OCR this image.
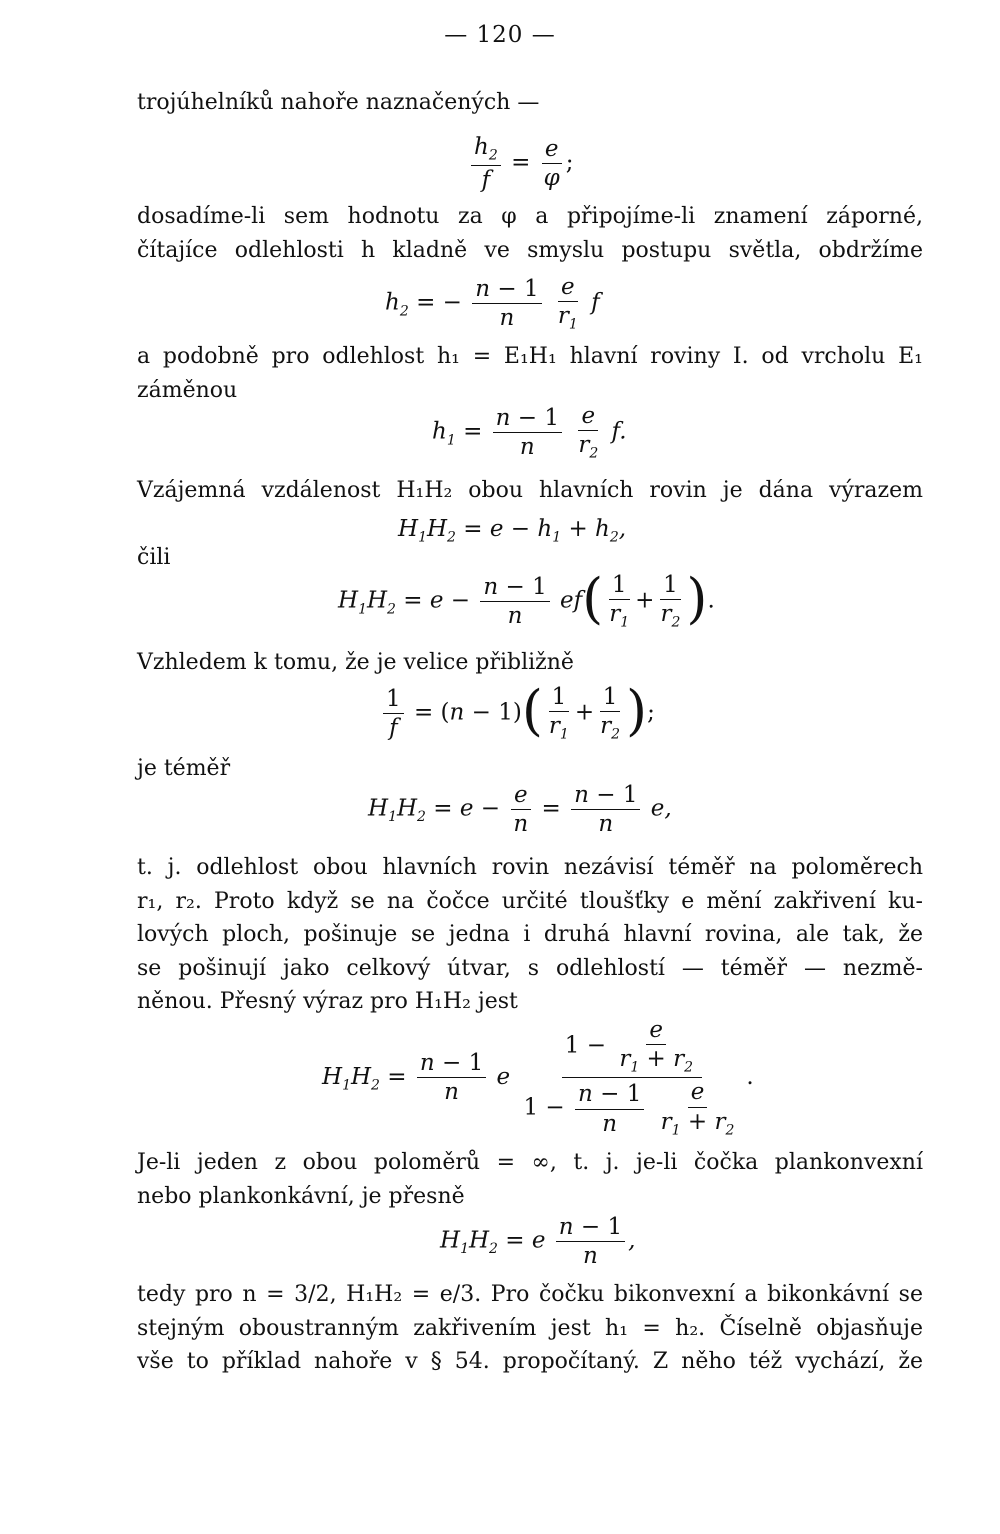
— 120 —
trojúhelníků nahoře naznačených —
$\frac{h_2}{f} = \frac{e}{\varphi}$ ;
dosadíme-li sem hodnotu za φ a připojíme-li znamení záporné,
čítajíce odlehlosti h kladně ve smyslu postupu světla, obdržíme
$h_2$ = − $\frac{n - 1}{n}$
$\frac{e}{r_1}$ f
a podobně pro odlehlost h₁ = E₁H₁ hlavní roviny I. od vrcholu E₁
záměnou
$h_1 = \frac{n - 1}{n}$
$\frac{e}{r_2} f$.
Vzájemná vzdálenost H₁H₂ obou hlavních rovin je dána výrazem
$H_1H_2 = e - h_1 + h_2$,
čili
$H_1H_2 = e - \frac{n - 1}{n} ef( \frac{1}{r_1} + \frac{1}{r_2}$ ).
Vzhledem k tomu, že je velice přibližně
$\frac{1}{f} = (n - 1)( \frac{1}{r_1} + \frac{1}{r_2}$ );
je téměř
$H_1H_2 = e - \frac{e}{n} = \frac{n - 1}{n} e$,
t. j. odlehlost obou hlavních rovin nezávisí téměř na poloměrech
r₁, r₂. Proto když se na čočce určité tloušťky e mění zakřivení ku-
lových ploch, pošinuje se jedna i druhá hlavní rovina, ale tak, že
se pošinují jako celkový útvar, s odlehlostí — téměř — nezmě-
něnou. Přesný výraz pro H₁H₂ jest
$H_1H_2 = \frac{n - 1}{n}$ e $1 - \frac{e}{r_1 + r_2}$
$1 - \frac{n - 1}{n}$
$\frac{e}{r_1 + r_2}$ .
Je-li jeden z obou poloměrů = ∞, t. j. je-li čočka plankonvexní
nebo plankonkávní, je přesně
$H_1H_2 = e \frac{n - 1}{n}$ ,
tedy pro n = 3/2, H₁H₂ = e/3. Pro čočku bikonvexní a bikonkávní se
stejným oboustranným zakřivením jest h₁ = h₂. Číselně objasňuje
vše to příklad nahoře v § 54. propočítaný. Z něho též vychází, že
